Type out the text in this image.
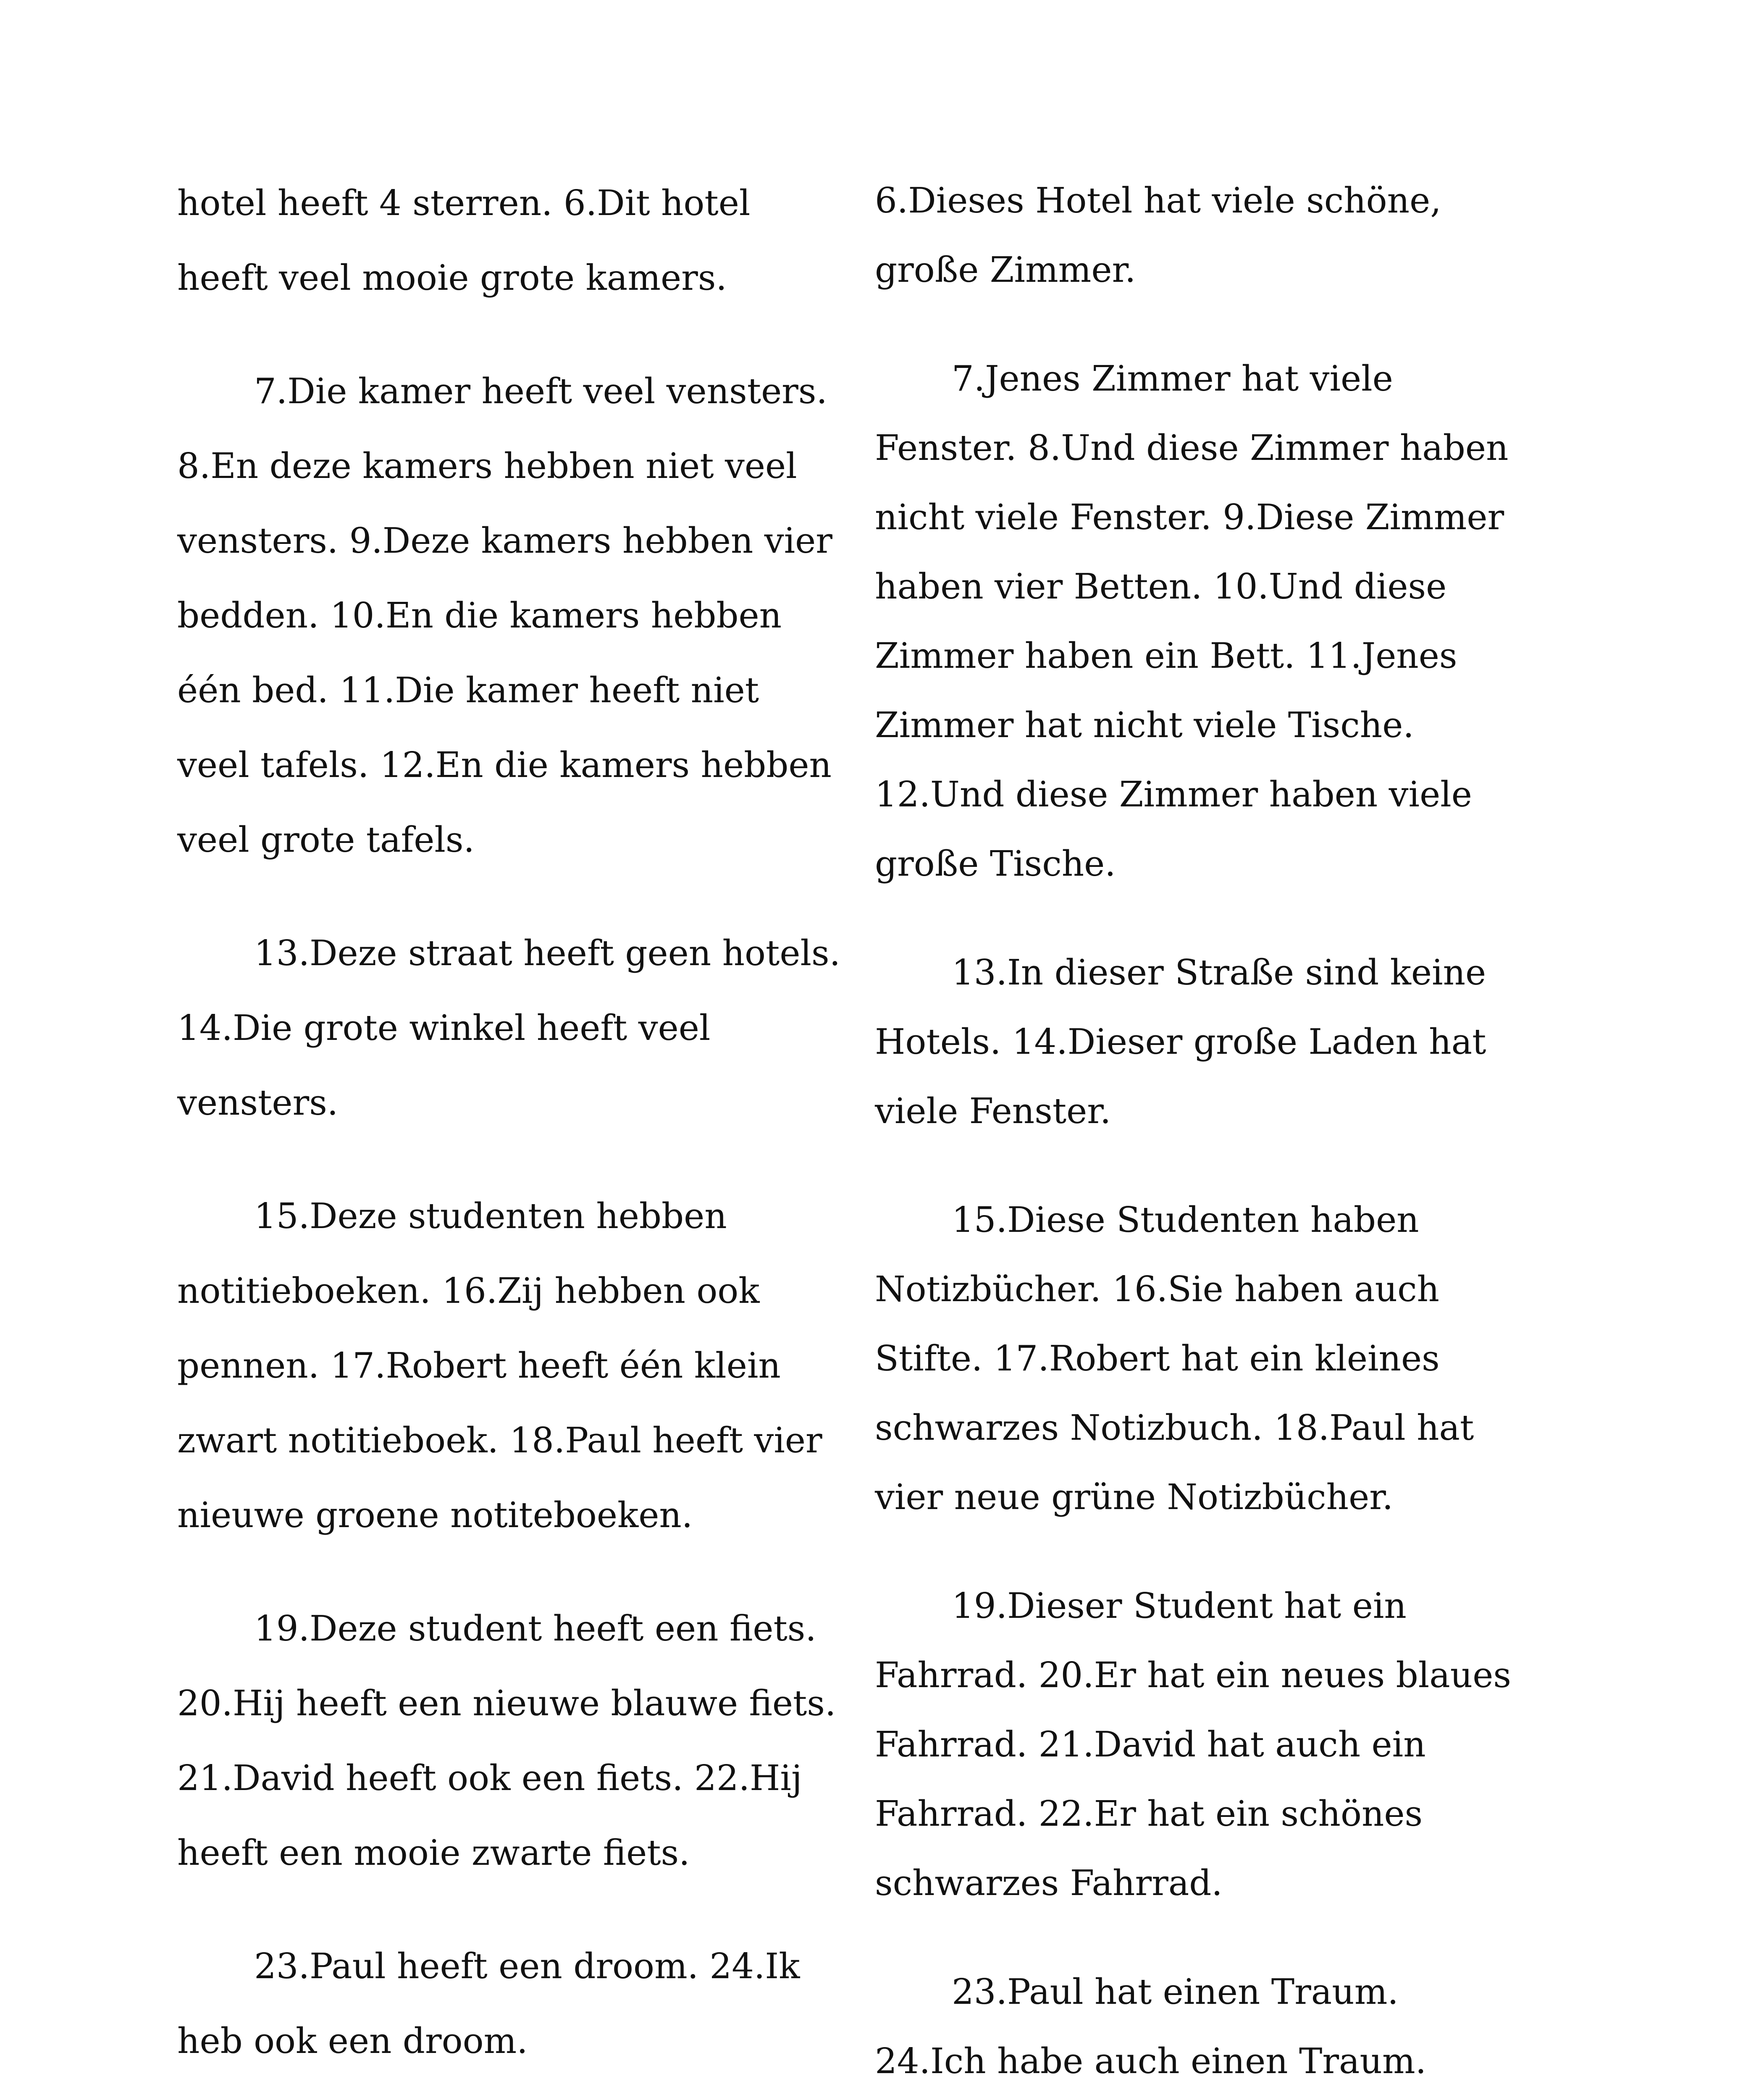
hotel heeft 4 sterren. 6.Dit hotel
heeft veel mooie grote kamers.

7.Die kamer heeft veel vensters.
8.En deze kamers hebben niet veel
vensters. 9.Deze kamers hebben vier
bedden. 10.En die kamers hebben
één bed. 11.Die kamer heeft niet
veel tafels. 12.En die kamers hebben
veel grote tafels.

13.Deze straat heeft geen hotels.
14.Die grote winkel heeft veel
vensters.

15.Deze studenten hebben
notitieboeken. 16.Zij hebben ook
pennen. 17.Robert heeft één klein
zwart notitieboek. 18.Paul heeft vier
nieuwe groene notiteboeken.

19.Deze student heeft een fiets.
20.Hij heeft een nieuwe blauwe fiets.
21.David heeft ook een fiets. 22.Hij
heeft een mooie zwarte fiets.

23.Paul heeft een droom. 24.Ik
heb ook een droom.

6.Dieses Hotel hat viele schöne,
große Zimmer.

7.Jenes Zimmer hat viele
Fenster. 8.Und diese Zimmer haben
nicht viele Fenster. 9.Diese Zimmer
haben vier Betten. 10.Und diese
Zimmer haben ein Bett. 11.Jenes
Zimmer hat nicht viele Tische.
12.Und diese Zimmer haben viele
große Tische.

13.In dieser Straße sind keine
Hotels. 14.Dieser große Laden hat
viele Fenster.

15.Diese Studenten haben
Notizbücher. 16.Sie haben auch
Stifte. 17.Robert hat ein kleines
schwarzes Notizbuch. 18.Paul hat
vier neue grüne Notizbücher.

19.Dieser Student hat ein
Fahrrad. 20.Er hat ein neues blaues
Fahrrad. 21.David hat auch ein
Fahrrad. 22.Er hat ein schönes
schwarzes Fahrrad.

23.Paul hat einen Traum.
24.Ich habe auch einen Traum.
